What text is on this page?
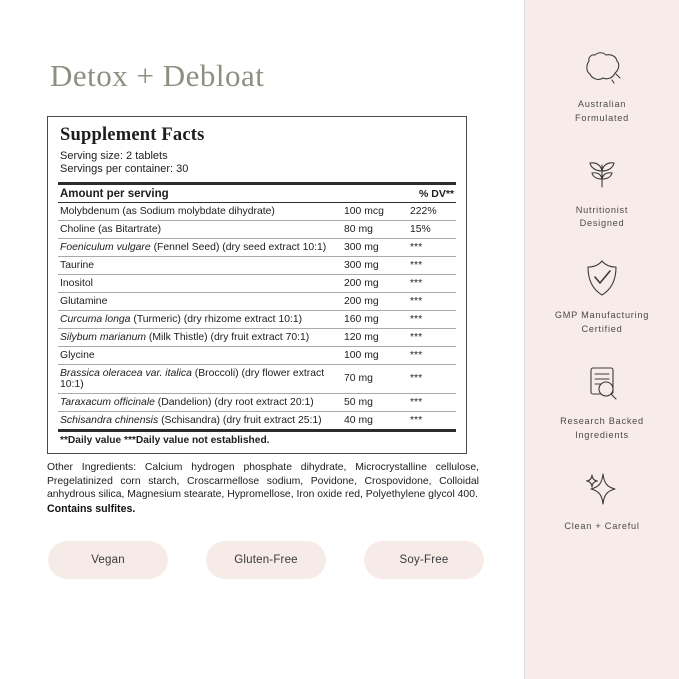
Detox + Debloat
Supplement Facts
Serving size: 2 tablets
Servings per container: 30
Amount per serving	% DV**
Molybdenum (as Sodium molybdate dihydrate)	100 mcg	222%
Choline (as Bitartrate)	80 mg	15%
Foeniculum vulgare (Fennel Seed) (dry seed extract 10:1)	300 mg	***
Taurine	300 mg	***
Inositol	200 mg	***
Glutamine	200 mg	***
Curcuma longa (Turmeric) (dry rhizome extract 10:1)	160 mg	***
Silybum marianum (Milk Thistle) (dry fruit extract 70:1)	120 mg	***
Glycine	100 mg	***
Brassica oleracea var. italica (Broccoli) (dry flower extract 10:1)	70 mg	***
Taraxacum officinale (Dandelion) (dry root extract 20:1)	50 mg	***
Schisandra chinensis (Schisandra) (dry fruit extract 25:1)	40 mg	***
**Daily value ***Daily value not established.
Other Ingredients: Calcium hydrogen phosphate dihydrate, Microcrystalline cellulose, Pregelatinized corn starch, Croscarmellose sodium, Povidone, Crospovidone, Colloidal anhydrous silica, Magnesium stearate, Hypromellose, Iron oxide red, Polyethylene glycol 400.
Contains sulfites.
Vegan	Gluten-Free	Soy-Free
Australian
Formulated
Nutritionist
Designed
GMP Manufacturing
Certified
Research Backed
Ingredients
Clean + Careful
